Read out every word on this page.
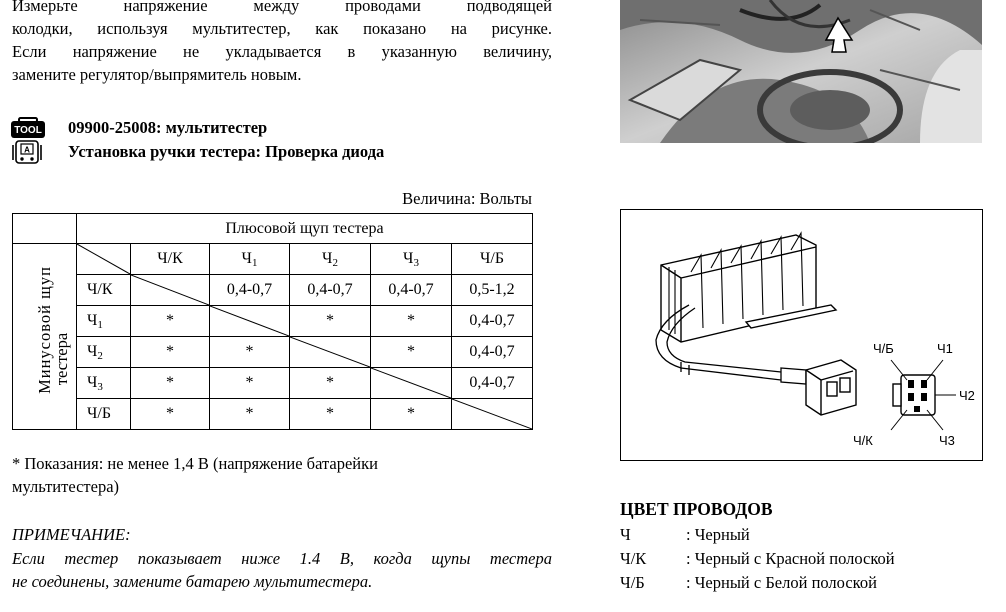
Измерьте напряжение между проводами подводящей
колодки, используя мультитестер, как показано на рисунке.
Если напряжение не укладывается в указанную величину,
замените регулятор/выпрямитель новым.
TOOL 09900-25008: мультитестер
A Установка ручки тестера: Проверка диода
Величина: Вольты
	Плюсовой щуп тестера					

Минусовой щуп
тестера		Ч/К	$Ч_1$	$Ч_2$	$Ч_3$	Ч/Б
	Ч/К		0,4-0,7	0,4-0,7	0,4-0,7	0,5-1,2
	$Ч_1$	*		*	*	0,4-0,7
	$Ч_2$	*	*		*	0,4-0,7
	$Ч_3$	*	*	*		0,4-0,7
	Ч/Б	*	*	*	*	
* Показания: не менее 1,4 В (напряжение батарейки
мультитестера)
ПРИМЕЧАНИЕ:
Если тестер показывает ниже 1.4 В, когда щупы тестера
не соединены, замените батарею мультитестера.
Ч/Б	Ч1
Ч2
Ч3
Ч/К
ЦВЕТ ПРОВОДОВ
Ч	: Черный
Ч/К : Черный с Красной полоской
Ч/Б : Черный с Белой полоской
